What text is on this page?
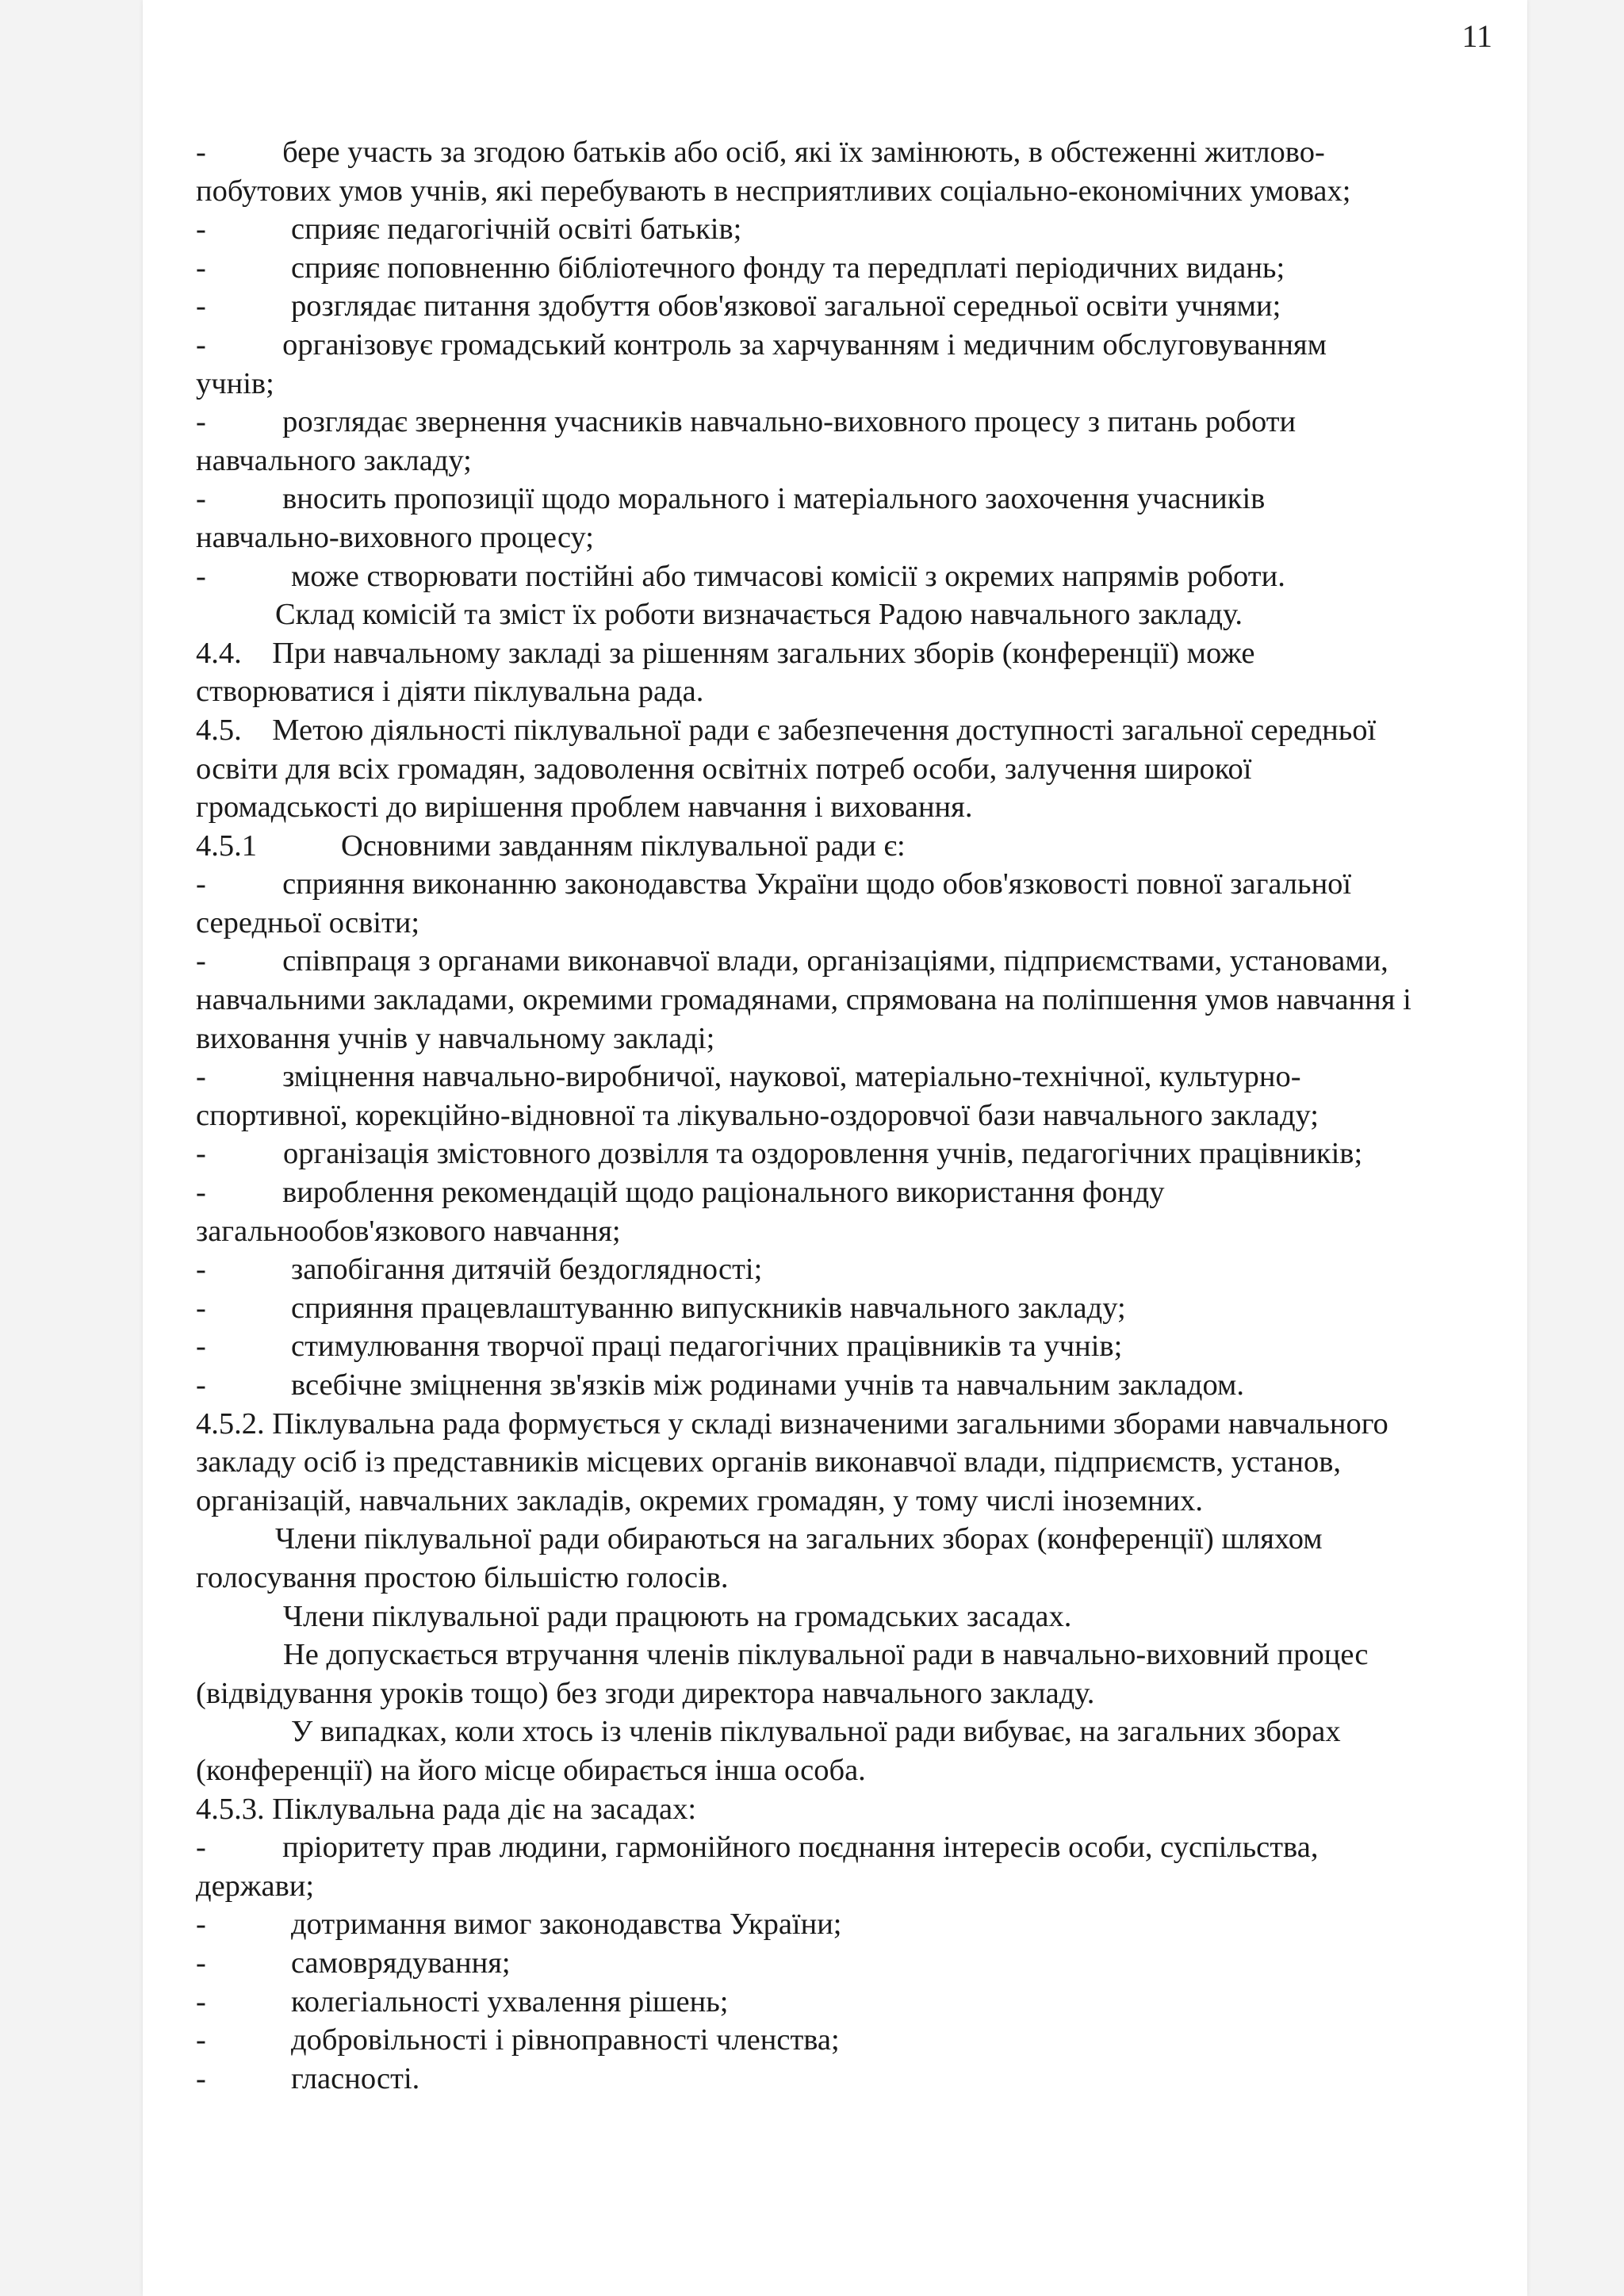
11
-          бере участь за згодою батьків або осіб, які їх замінюють, в обстеженні житлово-
побутових умов учнів, які перебувають в несприятливих соціально-економічних умовах;
-	сприяє педагогічній освіті батьків;
-	сприяє поповненню бібліотечного фонду та передплаті періодичних видань;
-	розглядає питання здобуття обов'язкової загальної середньої освіти учнями;
-          організовує громадський контроль за харчуванням і медичним обслуговуванням
учнів;
-          розглядає звернення учасників навчально-виховного процесу з питань роботи
навчального закладу;
-          вносить пропозиції щодо морального і матеріального заохочення учасників
навчально-виховного процесу;
-	може створювати постійні або тимчасові комісії з окремих напрямів роботи.
Склад комісій та зміст їх роботи визначається Радою навчального закладу.
4.4.    При навчальному закладі за рішенням загальних зборів (конференції) може
створюватися і діяти піклувальна рада.
4.5.    Метою діяльності піклувальної ради є забезпечення доступності загальної середньої
освіти для всіх громадян, задоволення освітніх потреб особи, залучення широкої
громадськості до вирішення проблем навчання і виховання.
4.5.1	Основними завданням піклувальної ради є:
-          сприяння виконанню законодавства України щодо обов'язковості повної загальної
середньої освіти;
-          співпраця з органами виконавчої влади, організаціями, підприємствами, установами,
навчальними закладами, окремими громадянами, спрямована на поліпшення умов навчання і
виховання учнів у навчальному закладі;
-          зміцнення навчально-виробничої, наукової, матеріально-технічної, культурно-
спортивної, корекційно-відновної та лікувально-оздоровчої бази навчального закладу;
-	організація змістовного дозвілля та оздоровлення учнів, педагогічних працівників;
-          вироблення рекомендацій щодо раціонального використання фонду
загальнообов'язкового навчання;
-	запобігання дитячій бездоглядності;
-	сприяння працевлаштуванню випускників навчального закладу;
-	стимулювання творчої праці педагогічних працівників та учнів;
-	всебічне зміцнення зв'язків між родинами учнів та навчальним закладом.
4.5.2. Піклувальна рада формується у складі визначеними загальними зборами навчального
закладу осіб із представників місцевих органів виконавчої влади, підприємств, установ,
організацій, навчальних закладів, окремих громадян, у тому числі іноземних.
Члени піклувальної ради обираються на загальних зборах (конференції) шляхом
голосування простою більшістю голосів.
Члени піклувальної ради працюють на громадських засадах.
Не допускається втручання членів піклувальної ради в навчально-виховний процес
(відвідування уроків тощо) без згоди директора навчального закладу.
У випадках, коли хтось із членів піклувальної ради вибуває, на загальних зборах
(конференції) на його місце обирається інша особа.
4.5.3. Піклувальна рада діє на засадах:
-          пріоритету прав людини, гармонійного поєднання інтересів особи, суспільства,
держави;
-	дотримання вимог законодавства України;
-	самоврядування;
-	колегіальності ухвалення рішень;
-	добровільності і рівноправності членства;
-	гласності.
